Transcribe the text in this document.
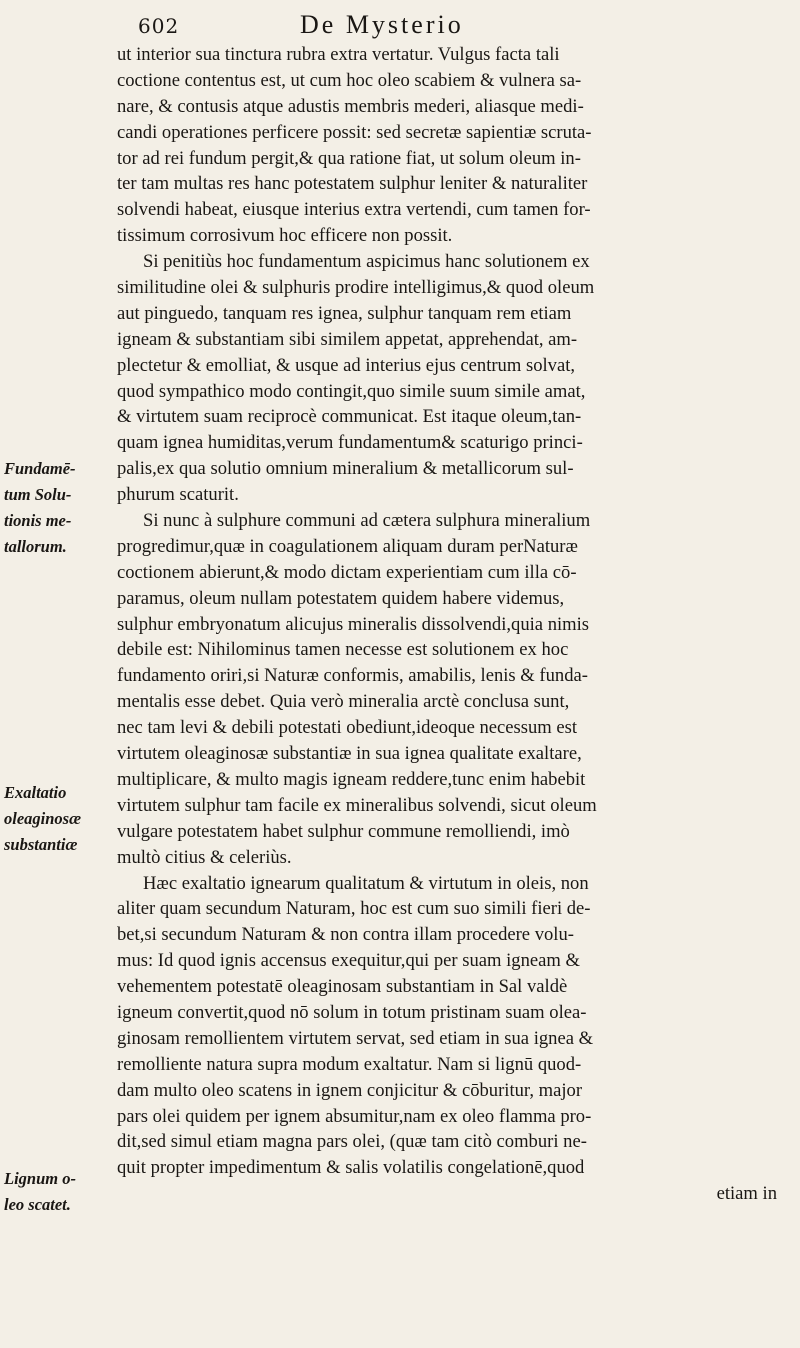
602	De Mysterio
ut interior sua tinctura rubra extra vertatur. Vulgus facta tali
coctione contentus est, ut cum hoc oleo scabiem & vulnera sa-
nare, & contusis atque adustis membris mederi, aliasque medi-
candi operationes perficere possit: sed secretæ sapientiæ scruta-
tor ad rei fundum pergit,& qua ratione fiat, ut solum oleum in-
ter tam multas res hanc potestatem sulphur leniter & naturaliter
solvendi habeat, eiusque interius extra vertendi, cum tamen for-
tissimum corrosivum hoc efficere non possit.
Si penitiùs hoc fundamentum aspicimus hanc solutionem ex
similitudine olei & sulphuris prodire intelligimus,& quod oleum
aut pinguedo, tanquam res ignea, sulphur tanquam rem etiam
igneam & substantiam sibi similem appetat, apprehendat, am-
plectetur & emolliat, & usque ad interius ejus centrum solvat,
quod sympathico modo contingit,quo simile suum simile amat,
& virtutem suam reciprocè communicat. Est itaque oleum,tan-
quam ignea humiditas,verum fundamentum& scaturigo princi-
palis,ex qua solutio omnium mineralium & metallicorum sul-
phurum scaturit.
Si nunc à sulphure communi ad cætera sulphura mineralium
progredimur,quæ in coagulationem aliquam duram perNaturæ
coctionem abierunt,& modo dictam experientiam cum illa cō-
paramus, oleum nullam potestatem quidem habere videmus,
sulphur embryonatum alicujus mineralis dissolvendi,quia nimis
debile est: Nihilominus tamen necesse est solutionem ex hoc
fundamento oriri,si Naturæ conformis, amabilis, lenis & funda-
mentalis esse debet. Quia verò mineralia arctè conclusa sunt,
nec tam levi & debili potestati obediunt,ideoque necessum est
virtutem oleaginosæ substantiæ in sua ignea qualitate exaltare,
multiplicare, & multo magis igneam reddere,tunc enim habebit
virtutem sulphur tam facile ex mineralibus solvendi, sicut oleum
vulgare potestatem habet sulphur commune remolliendi, imò
multò citius & celeriùs.
Hæc exaltatio ignearum qualitatum & virtutum in oleis, non
aliter quam secundum Naturam, hoc est cum suo simili fieri de-
bet,si secundum Naturam & non contra illam procedere volu-
mus: Id quod ignis accensus exequitur,qui per suam igneam &
vehementem potestatē oleaginosam substantiam in Sal valdè
igneum convertit,quod nō solum in totum pristinam suam olea-
ginosam remollientem virtutem servat, sed etiam in sua ignea &
remolliente natura supra modum exaltatur. Nam si lignū quod-
dam multo oleo scatens in ignem conjicitur & cōburitur, major
pars olei quidem per ignem absumitur,nam ex oleo flamma pro-
dit,sed simul etiam magna pars olei, (quæ tam citò comburi ne-
quit propter impedimentum & salis volatilis congelationē,quod
etiam in
Fundamē-
tum Solu-
tionis me-
tallorum.
Exaltatio
oleaginosæ
substantiæ
Lignum o-
leo scatet.
